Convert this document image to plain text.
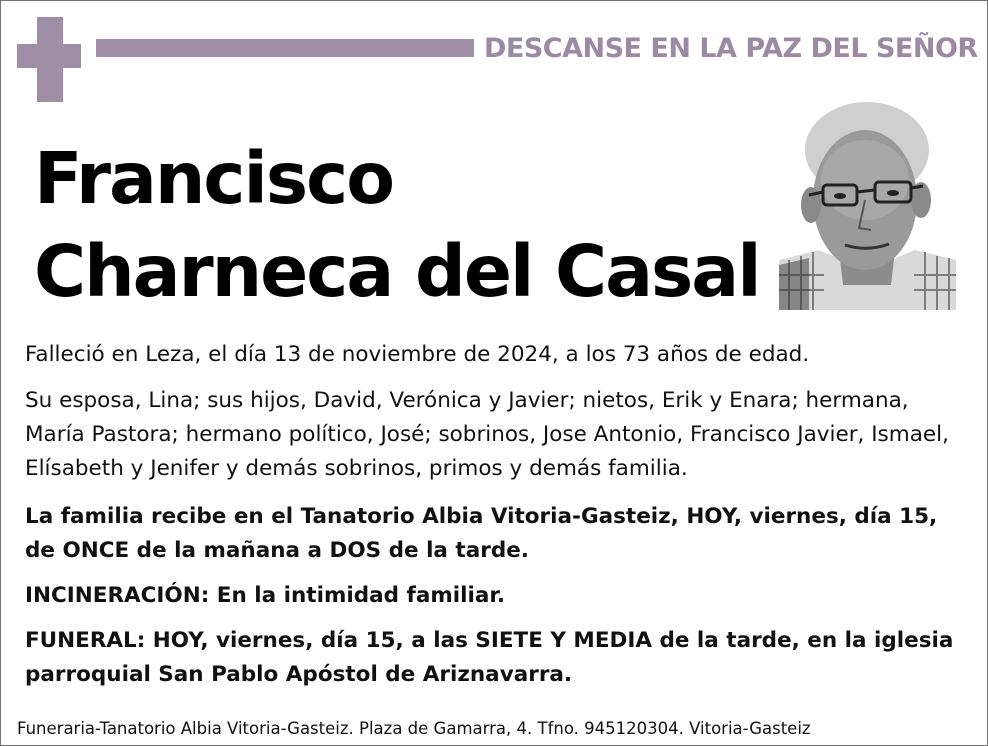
DESCANSE EN LA PAZ DEL SEÑOR
Francisco
Charneca del Casal
Falleció en Leza, el día 13 de noviembre de 2024, a los 73 años de edad.
Su esposa, Lina; sus hijos, David, Verónica y Javier; nietos, Erik y Enara; hermana, María Pastora; hermano político, José; sobrinos, Jose Antonio, Francisco Javier, Ismael, Elísabeth y Jenifer y demás sobrinos, primos y demás familia.
La familia recibe en el Tanatorio Albia Vitoria-Gasteiz, HOY, viernes, día 15, de ONCE de la mañana a DOS de la tarde.
INCINERACIÓN: En la intimidad familiar.
FUNERAL: HOY, viernes, día 15, a las SIETE Y MEDIA de la tarde, en la iglesia parroquial San Pablo Apóstol de Ariznavarra.
Funeraria-Tanatorio Albia Vitoria-Gasteiz. Plaza de Gamarra, 4. Tfno. 945120304. Vitoria-Gasteiz
